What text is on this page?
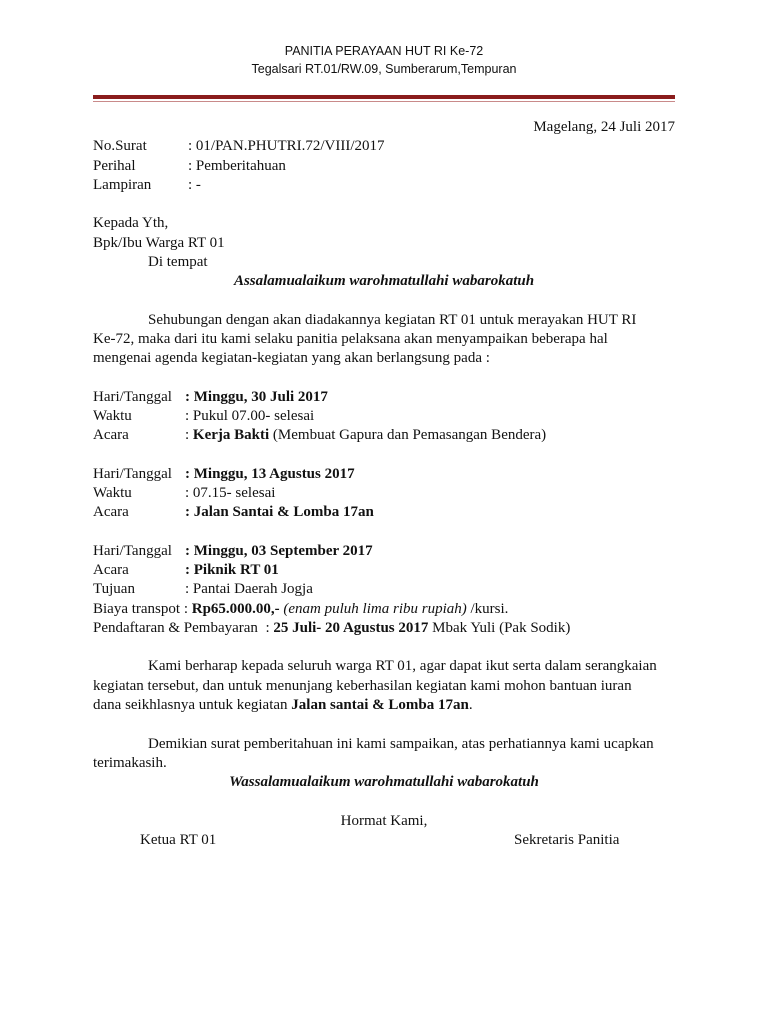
PANITIA PERAYAAN HUT RI Ke-72
Tegalsari RT.01/RW.09, Sumberarum,Tempuran
Magelang, 24 Juli 2017
No.Surat	: 01/PAN.PHUTRI.72/VIII/2017
Perihal	: Pemberitahuan
Lampiran : -
Kepada Yth,
Bpk/Ibu Warga RT 01
Di tempat
Assalamualaikum warohmatullahi wabarokatuh
Sehubungan dengan akan diadakannya kegiatan RT 01 untuk merayakan HUT RI
Ke-72, maka dari itu kami selaku panitia pelaksana akan menyampaikan beberapa hal
mengenai agenda kegiatan-kegiatan yang akan berlangsung pada :
Hari/Tanggal : Minggu, 30 Juli 2017
Waktu	: Pukul 07.00- selesai
Acara	: Kerja Bakti (Membuat Gapura dan Pemasangan Bendera)
Hari/Tanggal : Minggu, 13 Agustus 2017
Waktu	: 07.15- selesai
Acara	: Jalan Santai & Lomba 17an
Hari/Tanggal : Minggu, 03 September 2017
Acara	: Piknik RT 01
Tujuan	: Pantai Daerah Jogja
Biaya transpot : Rp65.000.00,- (enam puluh lima ribu rupiah) /kursi.
Pendaftaran & Pembayaran  : 25 Juli- 20 Agustus 2017 Mbak Yuli (Pak Sodik)
Kami berharap kepada seluruh warga RT 01, agar dapat ikut serta dalam serangkaian
kegiatan tersebut, dan untuk menunjang keberhasilan kegiatan kami mohon bantuan iuran
dana seikhlasnya untuk kegiatan Jalan santai & Lomba 17an.
Demikian surat pemberitahuan ini kami sampaikan, atas perhatiannya kami ucapkan
terimakasih.
Wassalamualaikum warohmatullahi wabarokatuh
Hormat Kami,
Ketua RT 01	Sekretaris Panitia
